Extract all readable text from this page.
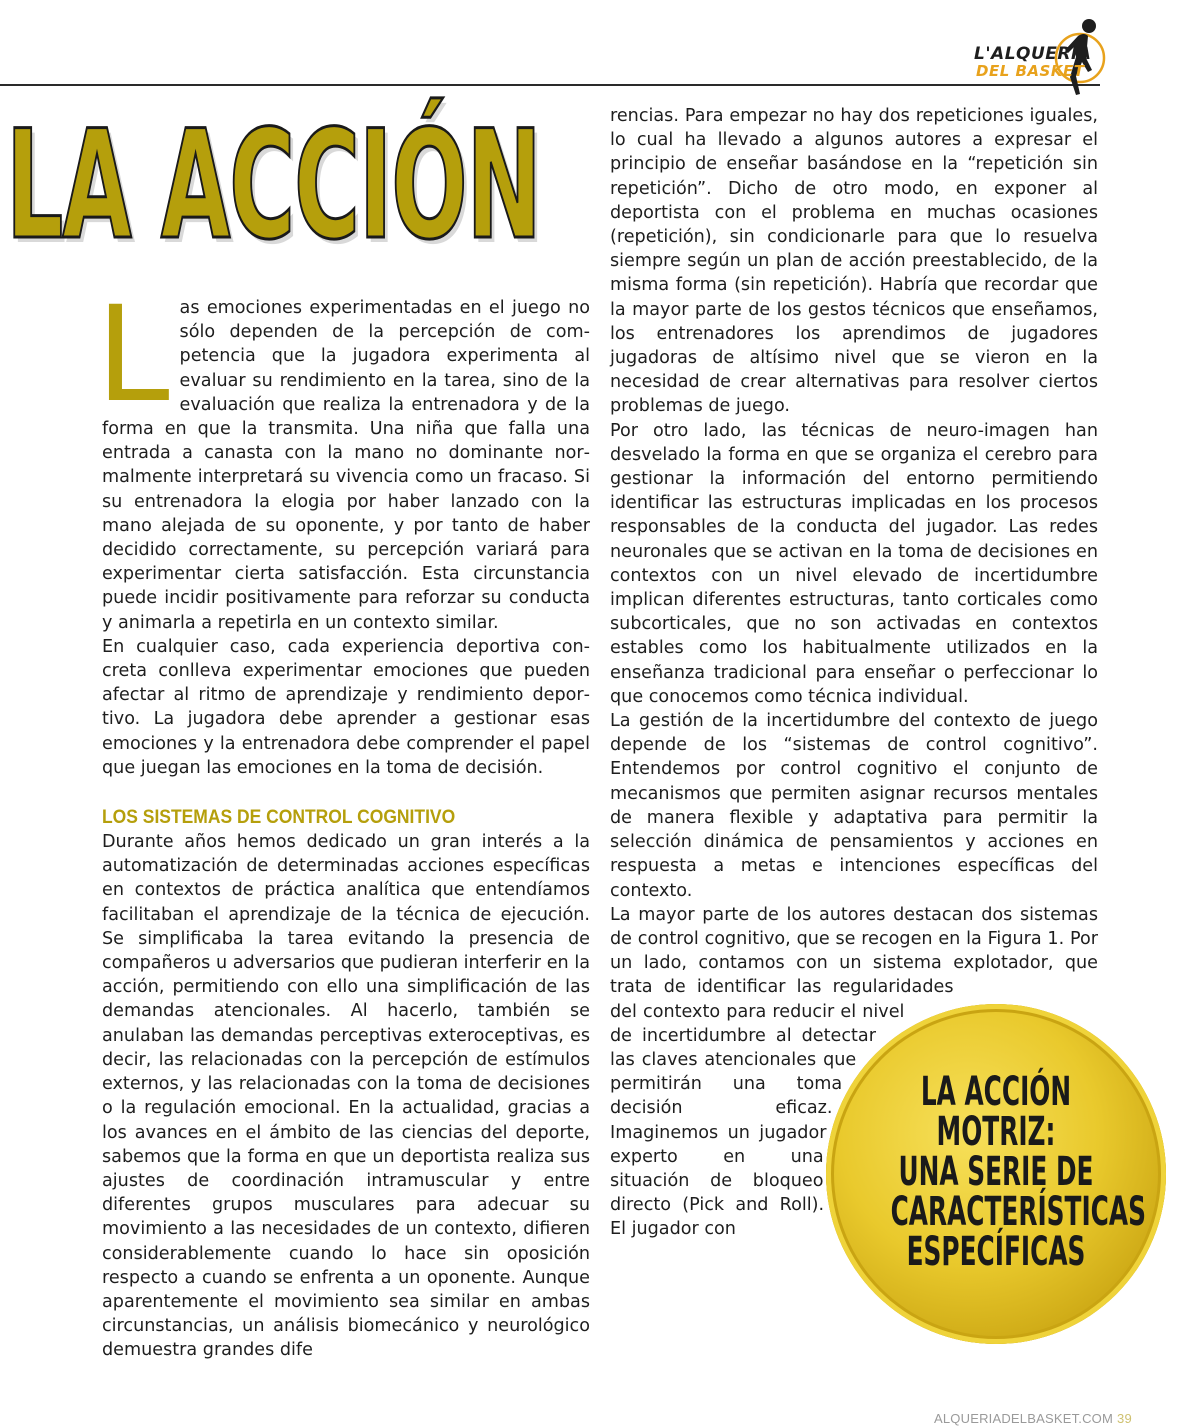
L'ALQUERIA
DEL BASKET
LA ACCIÓN

Las emociones experimentadas en el juego no sólo dependen de la percepción de competencia que la jugadora experimenta al evaluar su rendimiento en la tarea, sino de la evaluación que realiza la entrenadora y de la forma en que la transmita. Una niña que falla una entrada a canasta con la mano no dominante normalmente interpretará su vivencia como un fracaso. Si su entrenadora la elogia por haber lanzado con la mano alejada de su oponente, y por tanto de haber decidido correctamente, su percepción variará para experimentar cierta satisfacción. Esta circunstancia puede incidir positivamente para reforzar su conducta y animarla a repetirla en un contexto similar.

En cualquier caso, cada experiencia deportiva concreta conlleva experimentar emociones que pueden afectar al ritmo de aprendizaje y rendimiento deportivo. La jugadora debe aprender a gestionar esas emociones y la entrenadora debe comprender el papel que juegan las emociones en la toma de decisión.

LOS SISTEMAS DE CONTROL COGNITIVO

Durante años hemos dedicado un gran interés a la automatización de determinadas acciones específicas en contextos de práctica analítica que entendíamos facilitaban el aprendizaje de la técnica de ejecución. Se simplificaba la tarea evitando la presencia de compañeros u adversarios que pudieran interferir en la acción, permitiendo con ello una simplificación de las demandas atencionales. Al hacerlo, también se anulaban las demandas perceptivas exteroceptivas, es decir, las relacionadas con la percepción de estímulos externos, y las relacionadas con la toma de decisiones o la regulación emocional. En la actualidad, gracias a los avances en el ámbito de las ciencias del deporte, sabemos que la forma en que un deportista realiza sus ajustes de coordinación intramuscular y entre diferentes grupos musculares para adecuar su movimiento a las necesidades de un contexto, difieren considerablemente cuando lo hace sin oposición respecto a cuando se enfrenta a un oponente. Aunque aparentemente el movimiento sea similar en ambas circunstancias, un análisis biomecánico y neurológico demuestra grandes dife

rencias. Para empezar no hay dos repeticiones iguales, lo cual ha llevado a algunos autores a expresar el principio de enseñar basándose en la “repetición sin repetición”. Dicho de otro modo, en exponer al deportista con el problema en muchas ocasiones (repetición), sin condicionarle para que lo resuelva siempre según un plan de acción preestablecido, de la misma forma (sin repetición). Habría que recordar que la mayor parte de los gestos técnicos que enseñamos, los entrenadores los aprendimos de jugadores jugadoras de altísimo nivel que se vieron en la necesidad de crear alternativas para resolver ciertos problemas de juego.

Por otro lado, las técnicas de neuro-imagen han desvelado la forma en que se organiza el cerebro para gestionar la información del entorno permitiendo identificar las estructuras implicadas en los procesos responsables de la conducta del jugador. Las redes neuronales que se activan en la toma de decisiones en contextos con un nivel elevado de incertidumbre implican diferentes estructuras, tanto corticales como subcorticales, que no son activadas en contextos estables como los habitualmente utilizados en la enseñanza tradicional para enseñar o perfeccionar lo que conocemos como técnica individual.

La gestión de la incertidumbre del contexto de juego depende de los “sistemas de control cognitivo”. Entendemos por control cognitivo el conjunto de mecanismos que permiten asignar recursos mentales de manera flexible y adaptativa para permitir la selección dinámica de pensamientos y acciones en respuesta a metas e intenciones específicas del contexto.

La mayor parte de los autores destacan dos sistemas de control cognitivo, que se recogen en la Figura 1. Por un lado, contamos con un sistema explotador, que trata de identificar las regularidades del contexto para reducir el nivel de incertidumbre al detectar las claves atencionales que permitirán una toma decisión eficaz. Imaginemos un jugador experto en una situación de bloqueo directo (Pick and Roll). El jugador con

LA ACCIÓN
MOTRIZ:
UNA SERIE DE
CARACTERÍSTICAS
ESPECÍFICAS
ALQUERIADELBASKET.COM 39
